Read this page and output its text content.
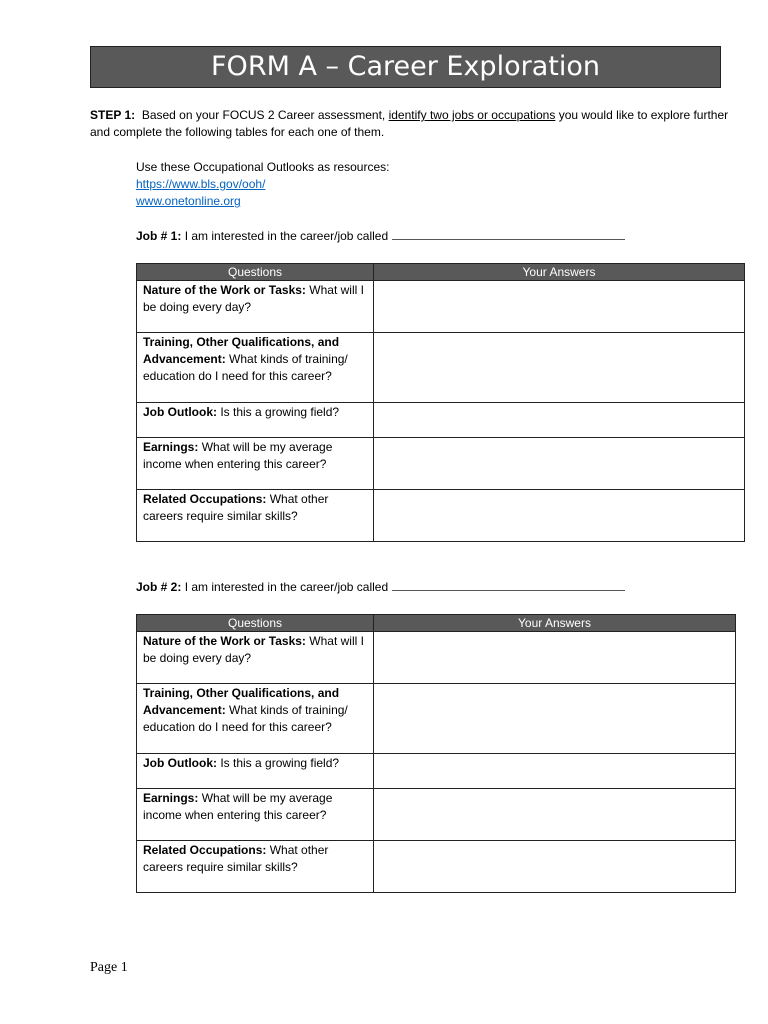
FORM A – Career Exploration
STEP 1: Based on your FOCUS 2 Career assessment, identify two jobs or occupations you would like to explore further and complete the following tables for each one of them.
Use these Occupational Outlooks as resources:
https://www.bls.gov/ooh/
www.onetonline.org
Job # 1: I am interested in the career/job called
Questions	Your Answers
Nature of the Work or Tasks: What will I be doing every day?	
Training, Other Qualifications, and Advancement: What kinds of training/ education do I need for this career?	
Job Outlook: Is this a growing field?	
Earnings: What will be my average income when entering this career?	
Related Occupations: What other careers require similar skills?	
Job # 2: I am interested in the career/job called
Questions	Your Answers
Nature of the Work or Tasks: What will I be doing every day?	
Training, Other Qualifications, and Advancement: What kinds of training/ education do I need for this career?	
Job Outlook: Is this a growing field?	
Earnings: What will be my average income when entering this career?	
Related Occupations: What other careers require similar skills?	
Page 1
